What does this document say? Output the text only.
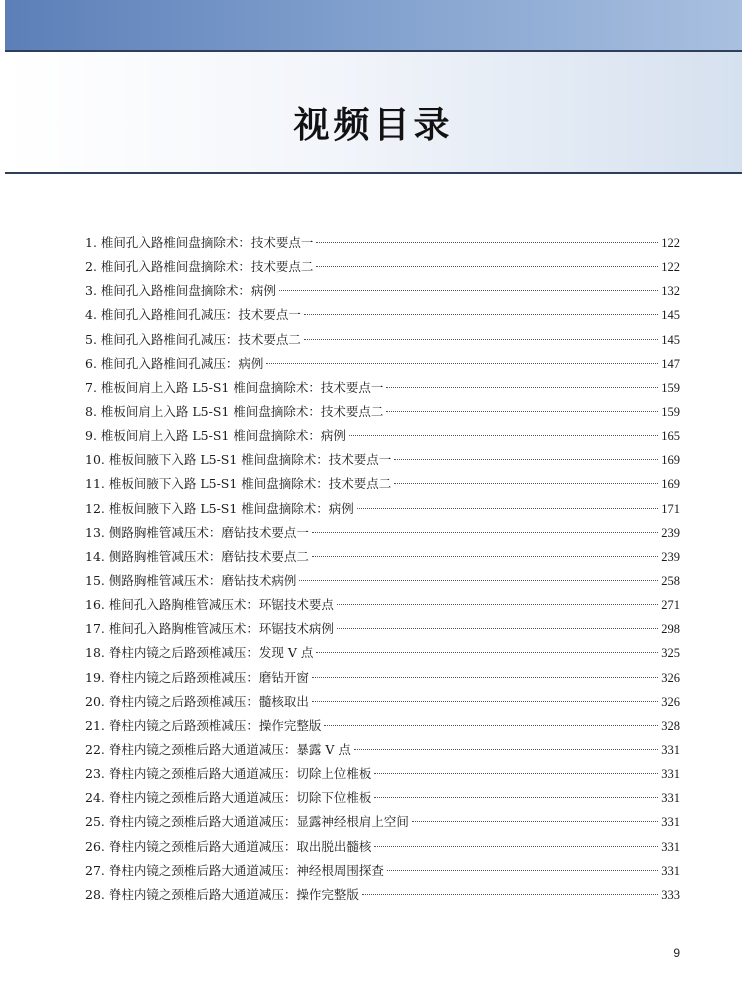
视频目录
1. 椎间孔入路椎间盘摘除术：技术要点一	122
2. 椎间孔入路椎间盘摘除术：技术要点二	122
3. 椎间孔入路椎间盘摘除术：病例	132
4. 椎间孔入路椎间孔减压：技术要点一	145
5. 椎间孔入路椎间孔减压：技术要点二	145
6. 椎间孔入路椎间孔减压：病例	147
7. 椎板间肩上入路 L5-S1 椎间盘摘除术：技术要点一	159
8. 椎板间肩上入路 L5-S1 椎间盘摘除术：技术要点二	159
9. 椎板间肩上入路 L5-S1 椎间盘摘除术：病例	165
10. 椎板间腋下入路 L5-S1 椎间盘摘除术：技术要点一	169
11. 椎板间腋下入路 L5-S1 椎间盘摘除术：技术要点二	169
12. 椎板间腋下入路 L5-S1 椎间盘摘除术：病例	171
13. 侧路胸椎管减压术：磨钻技术要点一	239
14. 侧路胸椎管减压术：磨钻技术要点二	239
15. 侧路胸椎管减压术：磨钻技术病例	258
16. 椎间孔入路胸椎管减压术：环锯技术要点	271
17. 椎间孔入路胸椎管减压术：环锯技术病例	298
18. 脊柱内镜之后路颈椎减压：发现 V 点	325
19. 脊柱内镜之后路颈椎减压：磨钻开窗	326
20. 脊柱内镜之后路颈椎减压：髓核取出	326
21. 脊柱内镜之后路颈椎减压：操作完整版	328
22. 脊柱内镜之颈椎后路大通道减压：暴露 V 点	331
23. 脊柱内镜之颈椎后路大通道减压：切除上位椎板	331
24. 脊柱内镜之颈椎后路大通道减压：切除下位椎板	331
25. 脊柱内镜之颈椎后路大通道减压：显露神经根肩上空间	331
26. 脊柱内镜之颈椎后路大通道减压：取出脱出髓核	331
27. 脊柱内镜之颈椎后路大通道减压：神经根周围探查	331
28. 脊柱内镜之颈椎后路大通道减压：操作完整版	333
9
